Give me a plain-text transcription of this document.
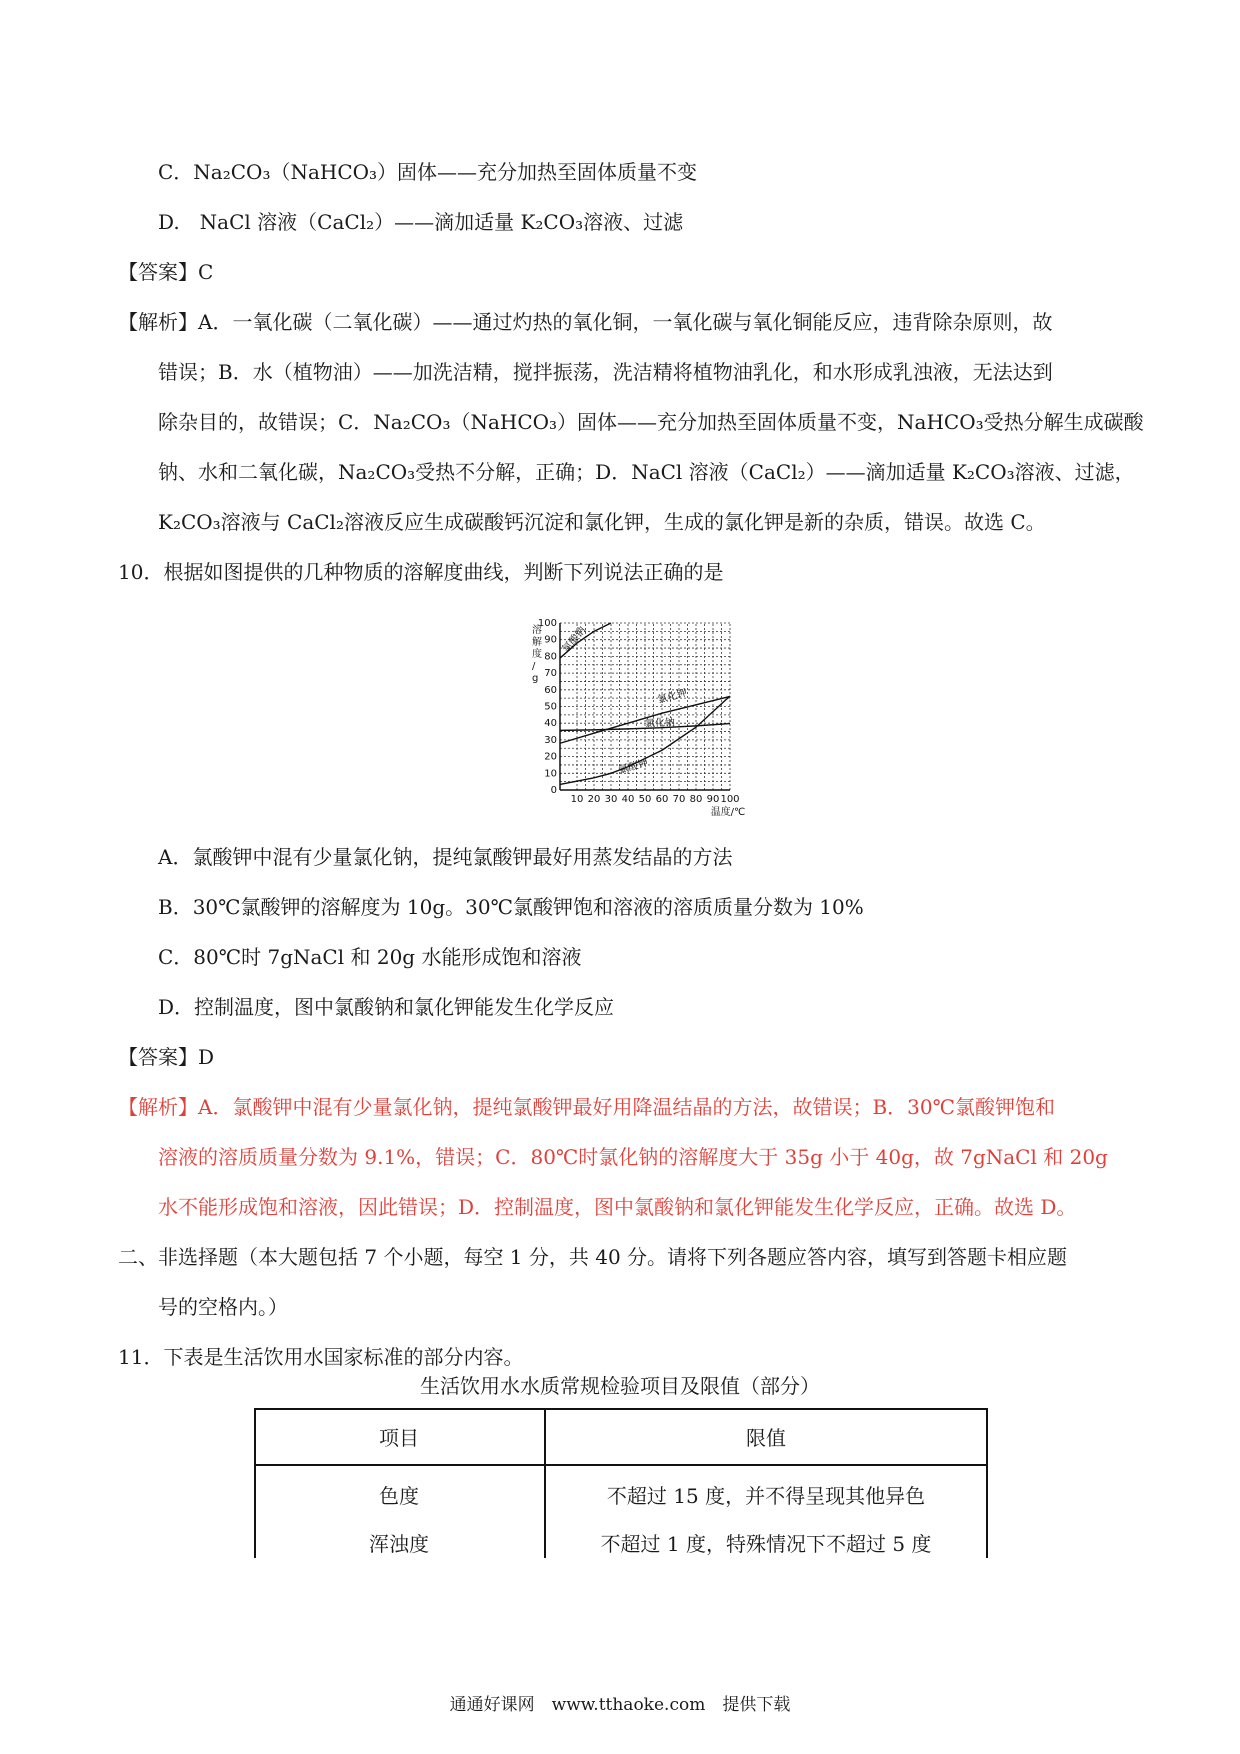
C．Na₂CO₃（NaHCO₃）固体——充分加热至固体质量不变
D.　NaCl 溶液（CaCl₂）——滴加适量 K₂CO₃溶液、过滤
【答案】C
【解析】A．一氧化碳（二氧化碳）——通过灼热的氧化铜，一氧化碳与氧化铜能反应，违背除杂原则，故
错误；B．水（植物油）——加洗洁精，搅拌振荡，洗洁精将植物油乳化，和水形成乳浊液，无法达到
除杂目的，故错误；C．Na₂CO₃（NaHCO₃）固体——充分加热至固体质量不变，NaHCO₃受热分解生成碳酸
钠、水和二氧化碳，Na₂CO₃受热不分解，正确；D．NaCl 溶液（CaCl₂）——滴加适量 K₂CO₃溶液、过滤，
K₂CO₃溶液与 CaCl₂溶液反应生成碳酸钙沉淀和氯化钾，生成的氯化钾是新的杂质，错误。故选 C。
10．根据如图提供的几种物质的溶解度曲线，判断下列说法正确的是
10 20 30 40 50 60 70 80 90 100
0
10
20
30
40
50
60
70
80
90
100
氯酸钠
氯化钾
氯化钠
氯酸钾
溶解度/ g
温度/℃
A．氯酸钾中混有少量氯化钠，提纯氯酸钾最好用蒸发结晶的方法
B．30℃氯酸钾的溶解度为 10g。30℃氯酸钾饱和溶液的溶质质量分数为 10%
C．80℃时 7gNaCl 和 20g 水能形成饱和溶液
D．控制温度，图中氯酸钠和氯化钾能发生化学反应
【答案】D
【解析】A．氯酸钾中混有少量氯化钠，提纯氯酸钾最好用降温结晶的方法，故错误；B．30℃氯酸钾饱和
溶液的溶质质量分数为 9.1%，错误；C．80℃时氯化钠的溶解度大于 35g 小于 40g，故 7gNaCl 和 20g
水不能形成饱和溶液，因此错误；D．控制温度，图中氯酸钠和氯化钾能发生化学反应，正确。故选 D。
二、非选择题（本大题包括 7 个小题，每空 1 分，共 40 分。请将下列各题应答内容，填写到答题卡相应题
号的空格内。）
11．下表是生活饮用水国家标准的部分内容。
生活饮用水水质常规检验项目及限值（部分）
项目	限值
色度	不超过 15 度，并不得呈现其他异色
浑浊度	不超过 1 度，特殊情况下不超过 5 度
通通好课网　www.tthaoke.com　提供下载
